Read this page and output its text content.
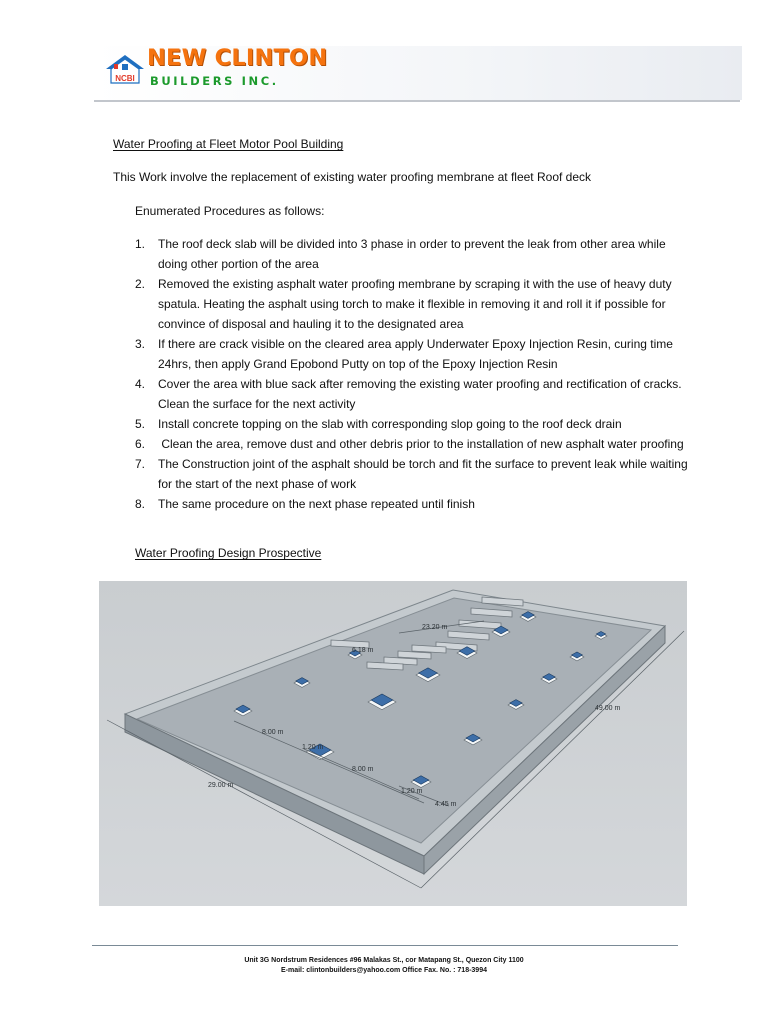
NCBI
NEW CLINTON
BUILDERS INC.
Water Proofing at Fleet Motor Pool Building

This Work involve the replacement of existing water proofing membrane at fleet Roof deck

Enumerated Procedures as follows:

1.	The roof deck slab will be divided into 3 phase in order to prevent the leak from other area while doing other portion of the area
2.	Removed the existing asphalt water proofing membrane by scraping it with the use of heavy duty spatula. Heating the asphalt using torch to make it flexible in removing it and roll it if possible for convince of disposal and hauling it to the designated area
3.	If there are crack visible on the cleared area apply Underwater Epoxy Injection Resin, curing time 24hrs, then apply Grand Epobond Putty on top of the Epoxy Injection Resin
4.	Cover the area with blue sack after removing the existing water proofing and rectification of cracks. Clean the surface for the next activity
5.	Install concrete topping on the slab with corresponding slop going to the roof deck drain
6.	Clean the area, remove dust and other debris prior to the installation of new asphalt water proofing
7.	The Construction joint of the asphalt should be torch and fit the surface to prevent leak while waiting for the start of the next phase of work
8.	The same procedure on the next phase repeated until finish
Water Proofing Design Prospective
29.00 m
49.00 m
23.20 m
6.18 m
8.00 m
8.00 m
4.45 m
1.20 m
1.20 m
Unit 3G Nordstrum Residences #96 Malakas St., cor Matapang St., Quezon City 1100
E-mail: clintonbuilders@yahoo.com Office Fax. No. : 718-3994
